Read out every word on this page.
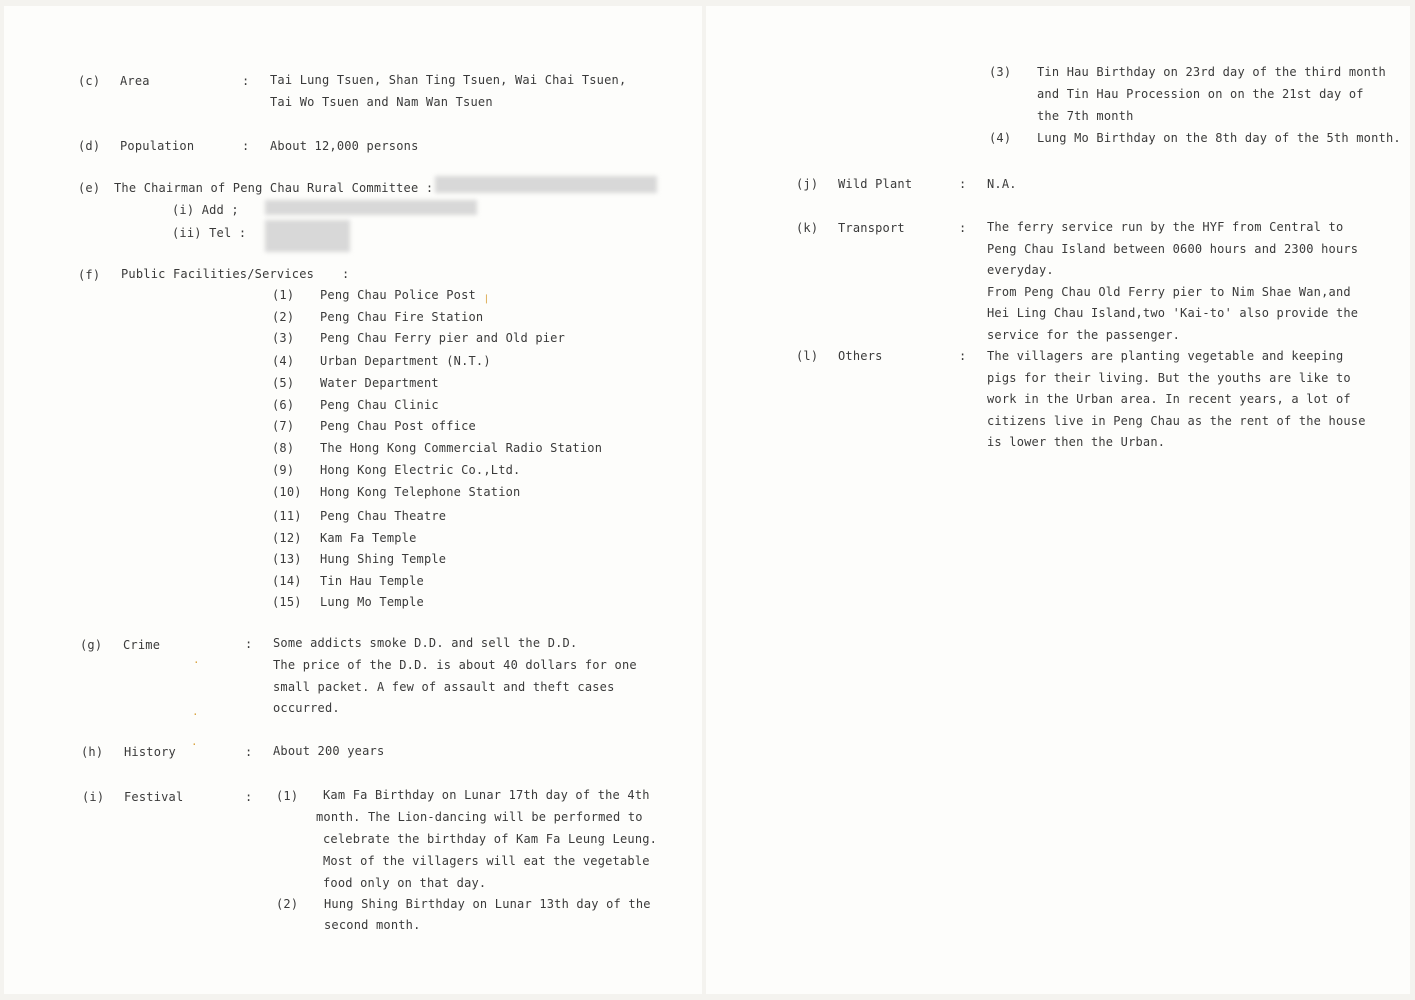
(c) Area	: Tai Lung Tsuen, Shan Ting Tsuen, Wai Chai Tsuen,
Tai Wo Tsuen and Nam Wan Tsuen
(d) Population	: About 12,000 persons
(e) The Chairman of Peng Chau Rural Committee :
(i) Add ;
(ii) Tel :
(f) Public Facilities/Services :
(1) Peng Chau Police Post
(2) Peng Chau Fire Station
(3) Peng Chau Ferry pier and Old pier
(4) Urban Department (N.T.)
(5) Water Department
(6) Peng Chau Clinic
(7) Peng Chau Post office
(8) The Hong Kong Commercial Radio Station
(9) Hong Kong Electric Co.,Ltd.
(10) Hong Kong Telephone Station
(11) Peng Chau Theatre
(12) Kam Fa Temple
(13) Hung Shing Temple
(14) Tin Hau Temple
(15) Lung Mo Temple
(g) Crime	: Some addicts smoke D.D. and sell the D.D.
The price of the D.D. is about 40 dollars for one
small packet. A few of assault and theft cases
occurred.
(h) History	: About 200 years
(i) Festival	: (1) Kam Fa Birthday on Lunar 17th day of the 4th
month. The Lion-dancing will be performed to
celebrate the birthday of Kam Fa Leung Leung.
Most of the villagers will eat the vegetable
food only on that day.
(2) Hung Shing Birthday on Lunar 13th day of the
second month.
❘
·
·
·
(3) Tin Hau Birthday on 23rd day of the third month
and Tin Hau Procession on on the 21st day of
the 7th month
(4) Lung Mo Birthday on the 8th day of the 5th month.
(j) Wild Plant	: N.A.
(k) Transport	: The ferry service run by the HYF from Central to
Peng Chau Island between 0600 hours and 2300 hours
everyday.
From Peng Chau Old Ferry pier to Nim Shae Wan,and
Hei Ling Chau Island,two 'Kai-to' also provide the
service for the passenger.
(l) Others	: The villagers are planting vegetable and keeping
pigs for their living. But the youths are like to
work in the Urban area. In recent years, a lot of
citizens live in Peng Chau as the rent of the house
is lower then the Urban.
